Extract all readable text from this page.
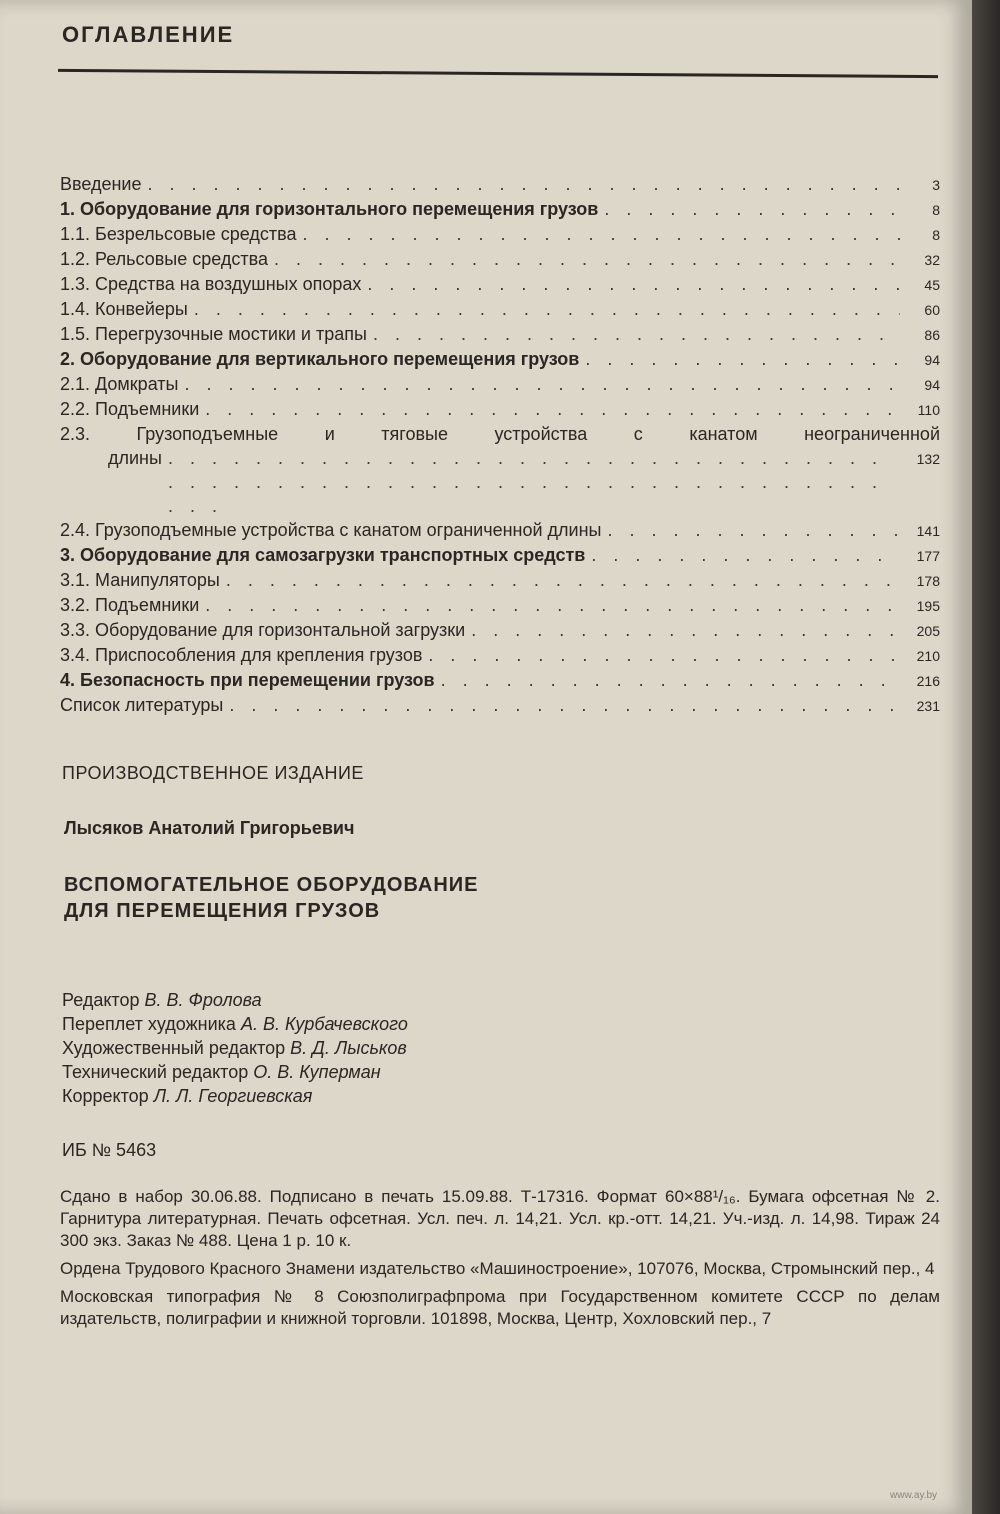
ОГЛАВЛЕНИЕ
Введение . . .	3
1. Оборудование для горизонтального перемещения грузов . . .	8
1.1. Безрельсовые средства . . .	8
1.2. Рельсовые средства . . .	32
1.3. Средства на воздушных опорах . . .	45
1.4. Конвейеры . . .	60
1.5. Перегрузочные мостики и трапы . . .	86
2. Оборудование для вертикального перемещения грузов . . .	94
2.1. Домкраты . . .	94
2.2. Подъемники . . .	110
2.3. Грузоподъемные и тяговые устройства с канатом неограниченной
длины . . .	132
2.4. Грузоподъемные устройства с канатом ограниченной длины . . .	141
3. Оборудование для самозагрузки транспортных средств . . .	177
3.1. Манипуляторы . . .	178
3.2. Подъемники . . .	195
3.3. Оборудование для горизонтальной загрузки . . .	205
3.4. Приспособления для крепления грузов . . .	210
4. Безопасность при перемещении грузов . . .	216
Список литературы . . .	231
ПРОИЗВОДСТВЕННОЕ ИЗДАНИЕ
Лысяков Анатолий Григорьевич
ВСПОМОГАТЕЛЬНОЕ ОБОРУДОВАНИЕ
ДЛЯ ПЕРЕМЕЩЕНИЯ ГРУЗОВ
Редактор В. В. Фролова
Переплет художника А. В. Курбачевского
Художественный редактор В. Д. Лыськов
Технический редактор О. В. Куперман
Корректор Л. Л. Георгиевская
ИБ № 5463

Сдано в набор 30.06.88. Подписано в печать 15.09.88. Т-17316. Формат 60×88¹/₁₆. Бумага офсетная № 2. Гарнитура литературная. Печать офсетная. Усл. печ. л. 14,21. Усл. кр.-отт. 14,21. Уч.-изд. л. 14,98. Тираж 24 300 экз. Заказ № 488. Цена 1 р. 10 к.

Ордена Трудового Красного Знамени издательство «Машиностроение», 107076, Москва, Стромынский пер., 4

Московская типография № 8 Союзполиграфпрома при Государственном комитете СССР по делам издательств, полиграфии и книжной торговли. 101898, Москва, Центр, Хохловский пер., 7

www.ay.by
